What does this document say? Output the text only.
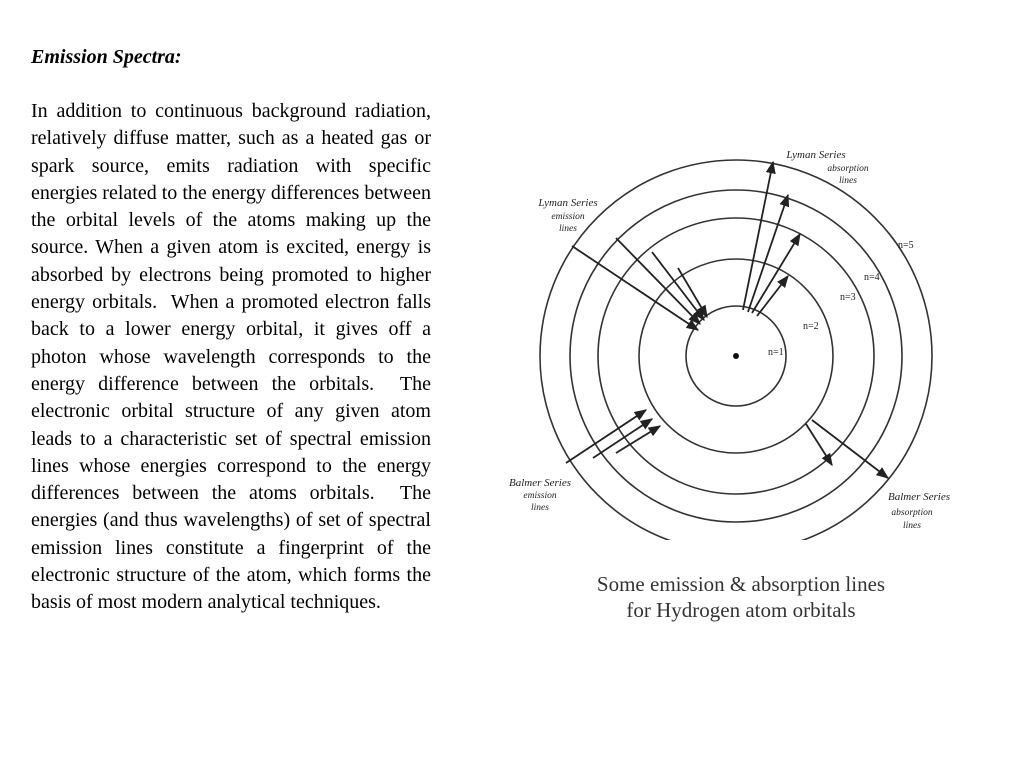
Emission Spectra:

In addition to continuous background radiation, relatively diffuse matter, such as a heated gas or spark source, emits radiation with specific energies related to the energy differences between the orbital levels of the atoms making up the source. When a given atom is excited, energy is absorbed by electrons being promoted to higher energy orbitals.  When a promoted electron falls back to a lower energy orbital, it gives off a photon whose wavelength corresponds to the energy difference between the orbitals.  The electronic orbital structure of any given atom leads to a characteristic set of spectral emission lines whose energies correspond to the energy differences between the atoms orbitals.  The energies (and thus wavelengths) of set of spectral emission lines constitute a fingerprint of the electronic structure of the atom, which forms the basis of most modern analytical techniques.

n=1
n=2
n=3
n=4
n=5
Lyman Series
emission
lines
Lyman Series
absorption
lines
Balmer Series
emission
lines
Balmer Series
absorption
lines
Some emission & absorption lines
for Hydrogen atom orbitals
